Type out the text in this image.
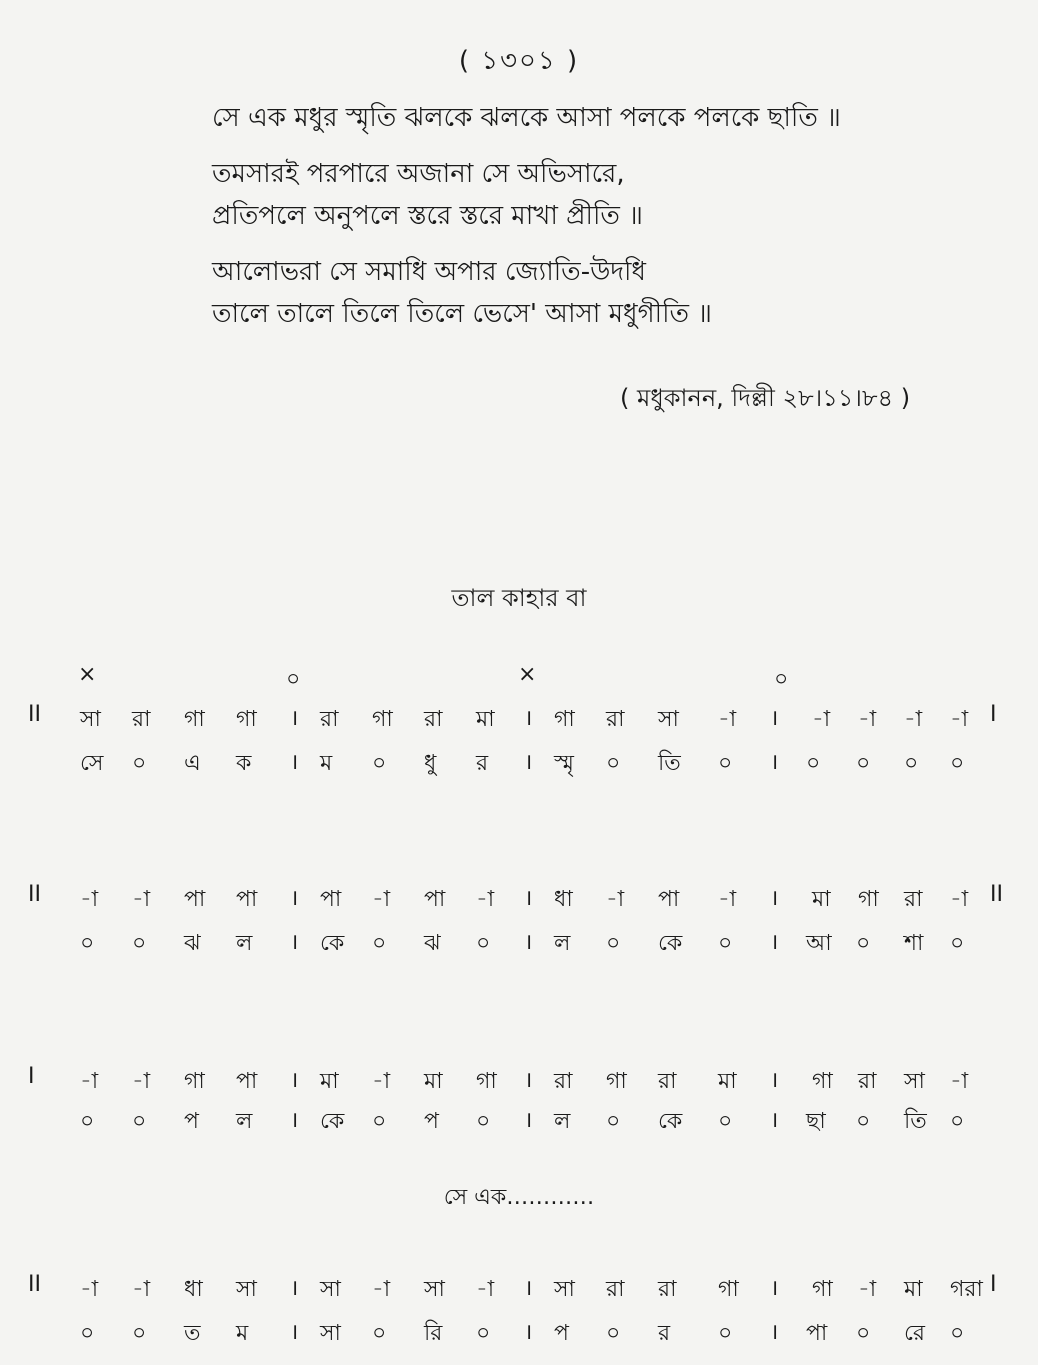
( ১৩০১ )
সে এক মধুর স্মৃতি ঝলকে ঝলকে আসা পলকে পলকে ছাতি ॥
তমসারই পরপারে অজানা সে অভিসারে,
প্রতিপলে অনুপলে স্তরে স্তরে মাখা প্রীতি ॥
আলোভরা সে সমাধি অপার জ্যোতি-উদধি
তালে তালে তিলে তিলে ভেসে' আসা মধুগীতি ॥
( মধুকানন, দিল্লী ২৮।১১।৮৪ )
তাল কাহার বা
×	০	×	০
II সা রা গা গা । রা গা রা মা । গা রা সা -া । -া -া -া -া I
সে ০ এ ক । ম ০ ধু র । স্মৃ ০ তি ০ । ০ ০ ০ ০
II -া -া পা পা । পা -া পা -া । ধা -া পা -া । মা গা রা -া II
০ ০ ঝ ল । কে ০ ঝ ০ । ল ০ কে ০ । আ ০ শা ০
I -া -া গা পা । মা -া মা গা । রা গা রা মা । গা রা সা -া
০ ০ প ল । কে ০ প ০ । ল ০ কে ০ । ছা ০ তি ০
II -া -া ধা সা । সা -া সা -া । সা রা রা গা । গা -া মা গরা I
০ ০ ত ম । সা ০ রি ০ । প ০ র ০ । পা ০ রে ০
সে এক…………
